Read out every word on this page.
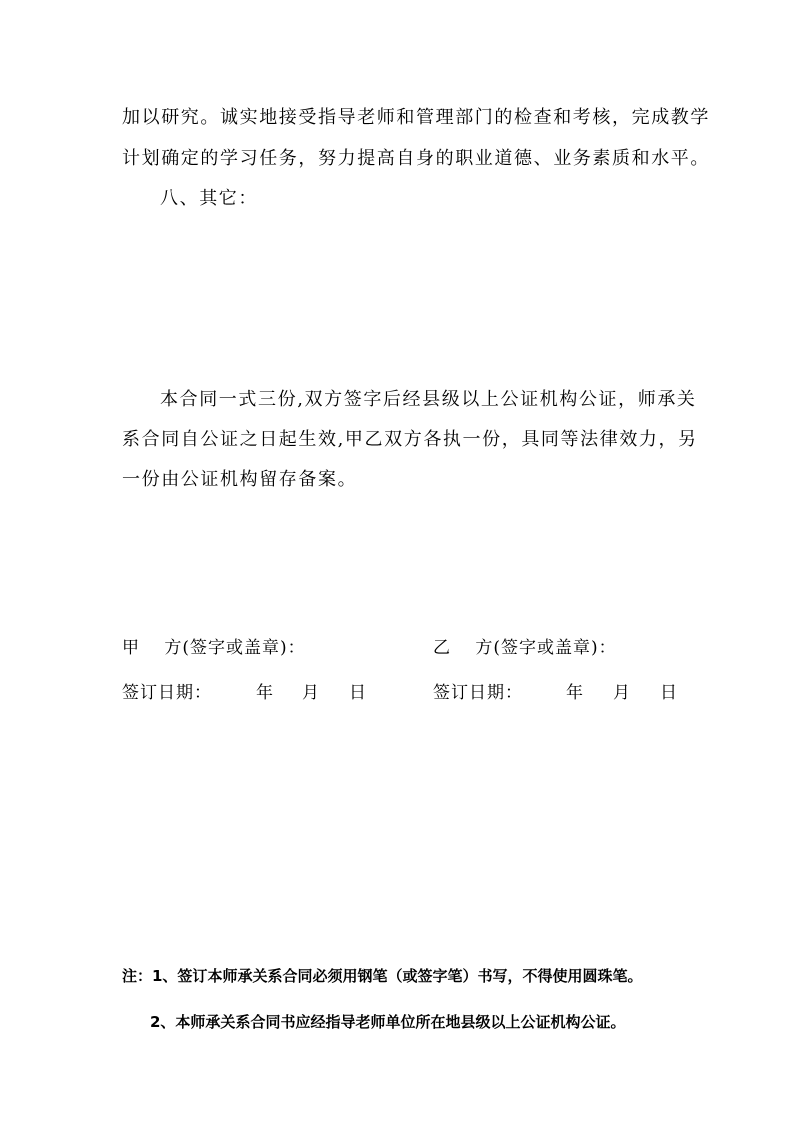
加以研究。诚实地接受指导老师和管理部门的检查和考核，完成教学
计划确定的学习任务，努力提高自身的职业道德、业务素质和水平。
八、其它：
本合同一式三份,双方签字后经县级以上公证机构公证，师承关
系合同自公证之日起生效,甲乙双方各执一份，具同等法律效力，另
一份由公证机构留存备案。
甲　 方(签字或盖章)：	乙　 方(签字或盖章)：
签订日期：	年 月 日	签订日期：	年 月 日
注：1、签订本师承关系合同必须用钢笔（或签字笔）书写，不得使用圆珠笔。
2、本师承关系合同书应经指导老师单位所在地县级以上公证机构公证。
